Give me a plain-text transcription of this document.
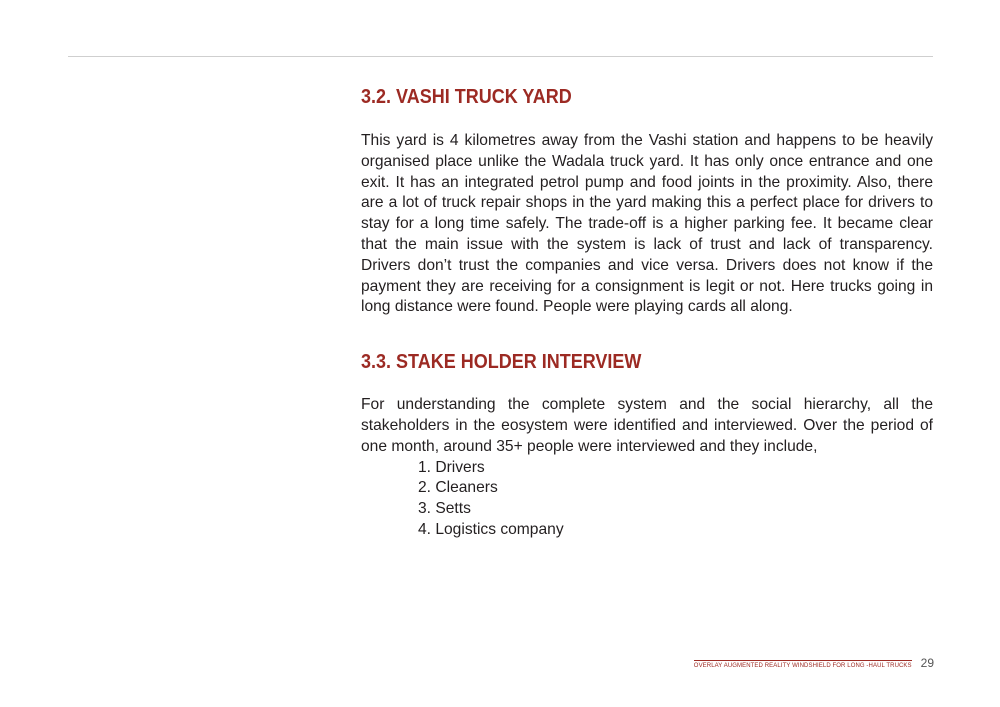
3.2. VASHI TRUCK YARD

This yard is 4 kilometres away from the Vashi station and happens to be heavily organised place unlike the Wadala truck yard. It has only once entrance and one exit. It has an integrated petrol pump and food joints in the proximity. Also, there are a lot of truck repair shops in the yard making this a perfect place for drivers to stay for a long time safely. The trade-off is a higher parking fee. It became clear that the main issue with the system is lack of trust and lack of transparency. Drivers don’t trust the companies and vice versa. Drivers does not know if the payment they are receiving for a consignment is legit or not. Here trucks going in long distance were found. People were playing cards all along.

3.3. STAKE HOLDER INTERVIEW

For understanding the complete system and the social hierarchy, all the stakeholders in the eosystem were identified and interviewed. Over the period of one month, around 35+ people were interviewed and they include,

1. Drivers
2. Cleaners
3. Setts
4. Logistics company
OVERLAY AUGMENTED REALITY WINDSHIELD FOR LONG -HAUL TRUCKS 29
